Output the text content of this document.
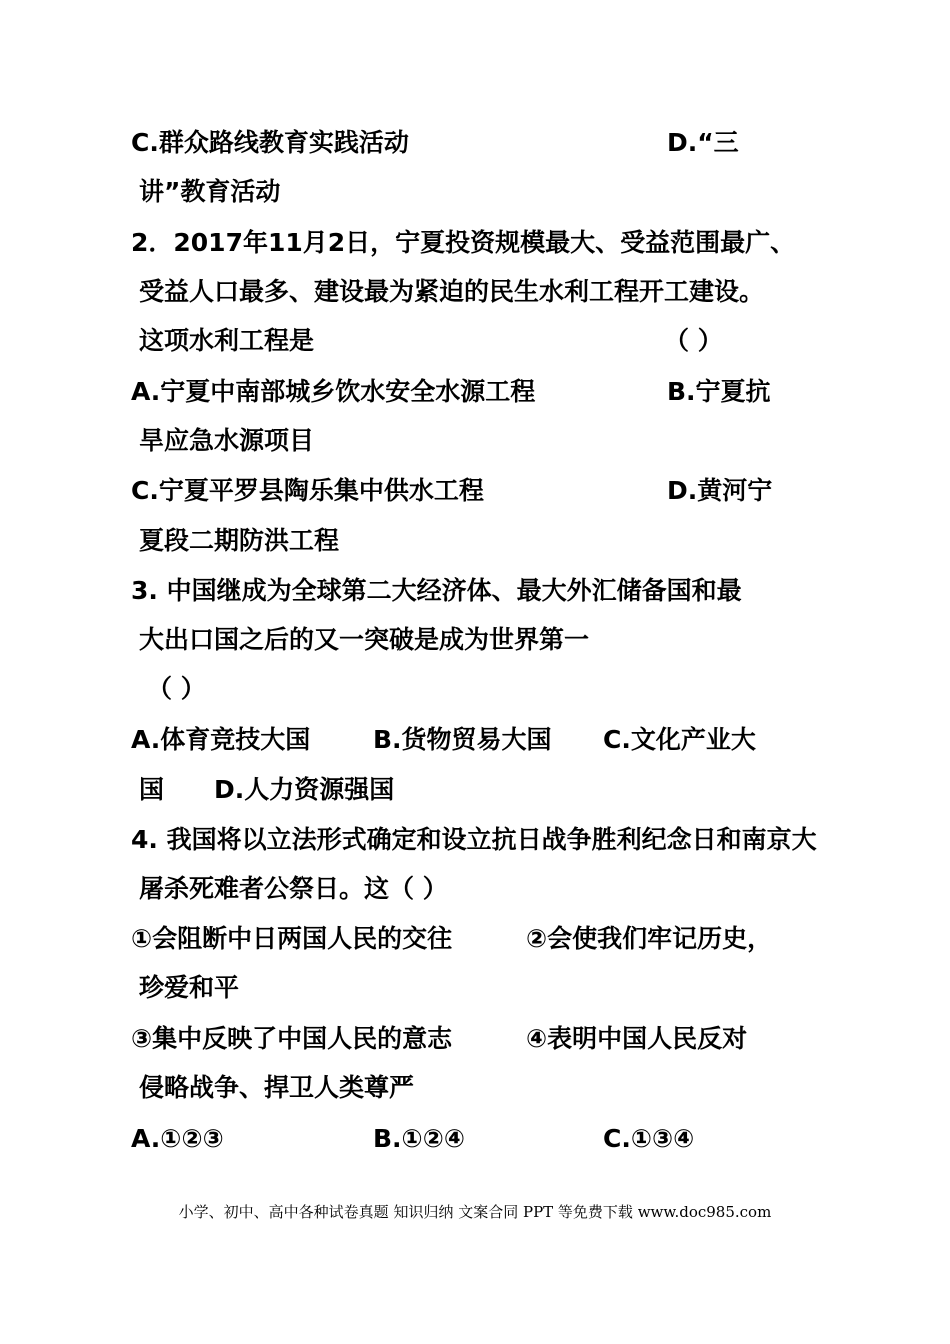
C.群众路线教育实践活动	D.“三
讲”教育活动
2．2017年11月2日，宁夏投资规模最大、受益范围最广、
受益人口最多、建设最为紧迫的民生水利工程开工建设。
这项水利工程是	（ ）
A.宁夏中南部城乡饮水安全水源工程	B.宁夏抗
旱应急水源项目
C.宁夏平罗县陶乐集中供水工程	D.黄河宁
夏段二期防洪工程
3. 中国继成为全球第二大经济体、最大外汇储备国和最
大出口国之后的又一突破是成为世界第一
（ ）
A.体育竞技大国	B.货物贸易大国 C.文化产业大
国 D.人力资源强国
4. 我国将以立法形式确定和设立抗日战争胜利纪念日和南京大
屠杀死难者公祭日。这（ ）
①会阻断中日两国人民的交往	②会使我们牢记历史，
珍爱和平
③集中反映了中国人民的意志	④表明中国人民反对
侵略战争、捍卫人类尊严
A.①②③	B.①②④	C.①③④
小学、初中、高中各种试卷真题 知识归纳 文案合同 PPT 等免费下载 www.doc985.com
